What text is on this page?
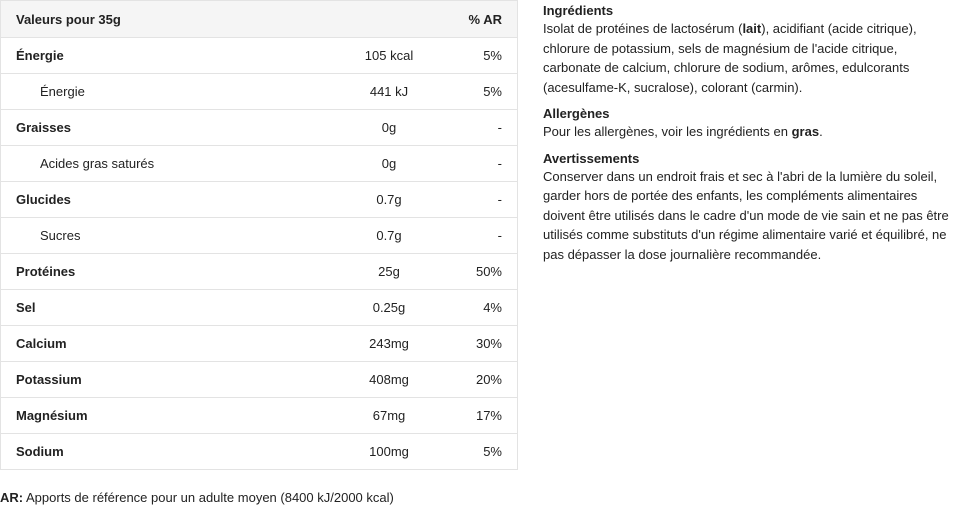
Valeurs pour 35g		% AR
Énergie	105 kcal	5%
Énergie	441 kJ	5%
Graisses	0g	-
Acides gras saturés	0g	-
Glucides	0.7g	-
Sucres	0.7g	-
Protéines	25g	50%
Sel	0.25g	4%
Calcium	243mg	30%
Potassium	408mg	20%
Magnésium	67mg	17%
Sodium	100mg	5%
AR: Apports de référence pour un adulte moyen (8400 kJ/2000 kcal)
Ingrédients

Isolat de protéines de lactosérum (lait), acidifiant (acide citrique), chlorure de potassium, sels de magnésium de l'acide citrique, carbonate de calcium, chlorure de sodium, arômes, edulcorants (acesulfame-K, sucralose), colorant (carmin).

Allergènes

Pour les allergènes, voir les ingrédients en gras.

Avertissements

Conserver dans un endroit frais et sec à l'abri de la lumière du soleil, garder hors de portée des enfants, les compléments alimentaires doivent être utilisés dans le cadre d'un mode de vie sain et ne pas être utilisés comme substituts d'un régime alimentaire varié et équilibré, ne pas dépasser la dose journalière recommandée.
